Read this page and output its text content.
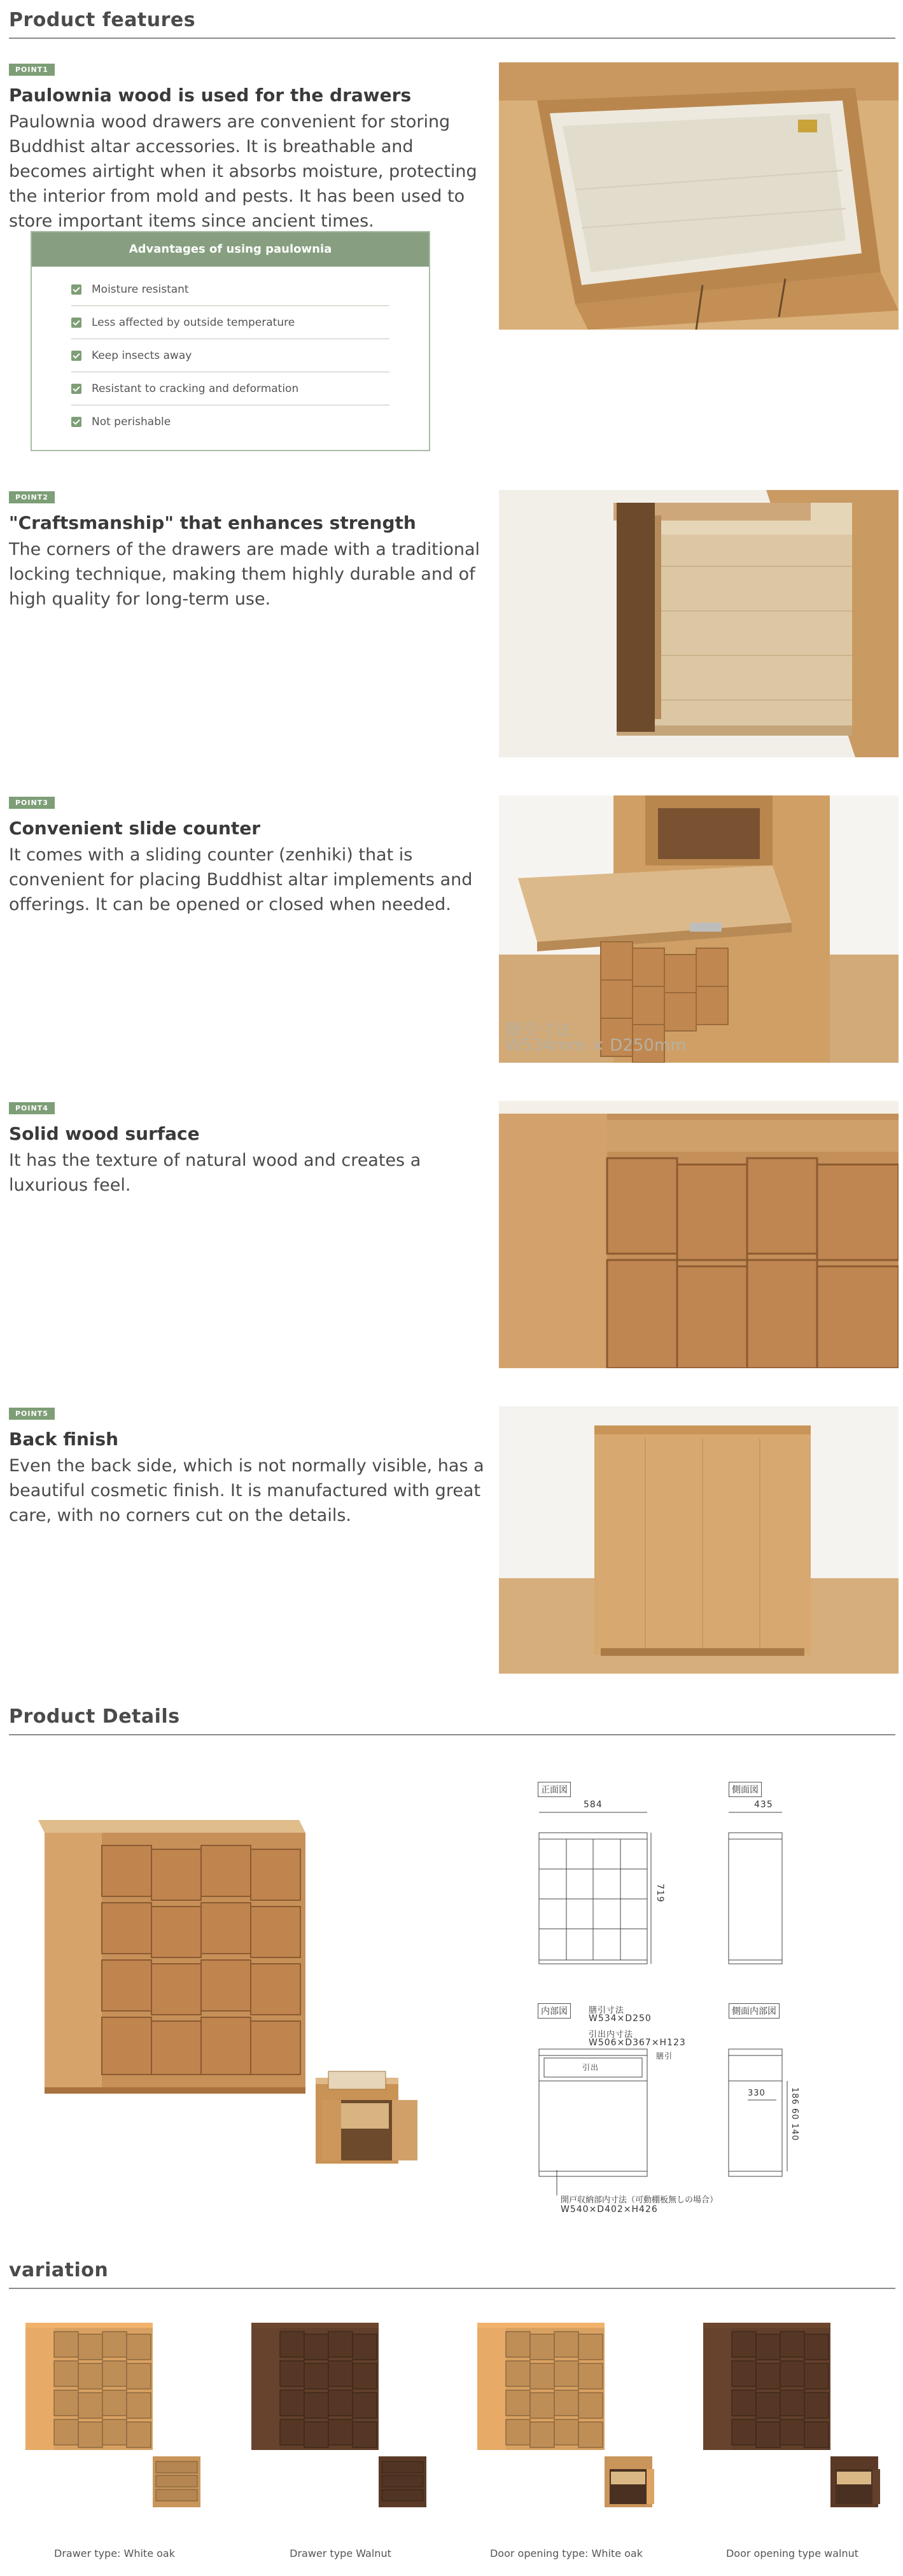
Product features
POINT1
Paulownia wood is used for the drawers

Paulownia wood drawers are convenient for storing Buddhist altar accessories. It is breathable and becomes airtight when it absorbs moisture, protecting the interior from mold and pests. It has been used to store important items since ancient times.

Advantages of using paulownia
Moisture resistant
Less affected by outside temperature
Keep insects away
Resistant to cracking and deformation
Not perishable
POINT2
"Craftsmanship" that enhances strength

The corners of the drawers are made with a traditional locking technique, making them highly durable and of high quality for long-term use.

POINT3
Convenient slide counter

It comes with a sliding counter (zenhiki) that is convenient for placing Buddhist altar implements and offerings. It can be opened or closed when needed.

膳引寸法
W534mm × D250mm
POINT4
Solid wood surface

It has the texture of natural wood and creates a luxurious feel.

POINT5
Back finish

Even the back side, which is not normally visible, has a beautiful cosmetic finish. It is manufactured with great care, with no corners cut on the details.

Product Details
正面図	側面図
584	435
719
内部図	側面内部図
膳引寸法
W534×D250
引出内寸法
W506×D367×H123
膳引
引出
330	186 60 140
開戸収納部内寸法（可動棚板無しの場合）
W540×D402×H426
variation
Drawer type: White oak	Drawer type Walnut	Door opening type: White oak	Door opening type walnut
